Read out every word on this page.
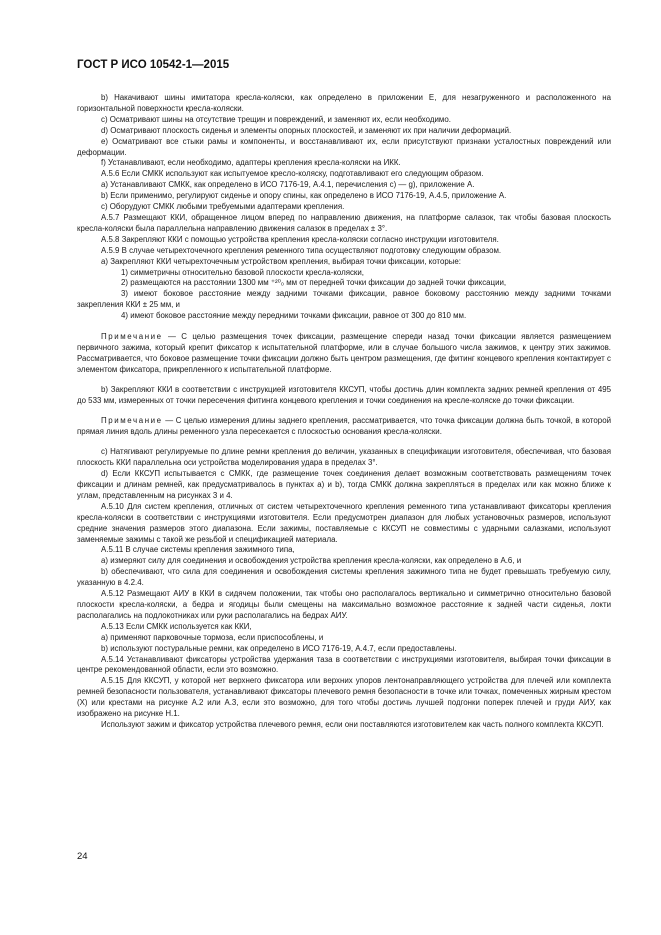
ГОСТ Р ИСО 10542-1—2015

b) Накачивают шины имитатора кресла-коляски, как определено в приложении Е, для незагруженного и расположенного на горизонтальной поверхности кресла-коляски.

c) Осматривают шины на отсутствие трещин и повреждений, и заменяют их, если необходимо.

d) Осматривают плоскость сиденья и элементы опорных плоскостей, и заменяют их при наличии деформаций.

e) Осматривают все стыки рамы и компоненты, и восстанавливают их, если присутствуют признаки усталостных повреждений или деформации.

f) Устанавливают, если необходимо, адаптеры крепления кресла-коляски на ИКК.

А.5.6 Если СМКК используют как испытуемое кресло-коляску, подготавливают его следующим образом.

а) Устанавливают СМКК, как определено в ИСО 7176-19, А.4.1, перечисления с) — g), приложение А.

b) Если применимо, регулируют сиденье и опору спины, как определено в ИСО 7176-19, А.4.5, приложение А.

c) Оборудуют СМКК любыми требуемыми адаптерами крепления.

А.5.7 Размещают ККИ, обращенное лицом вперед по направлению движения, на платформе салазок, так чтобы базовая плоскость кресла-коляски была параллельна направлению движения салазок в пределах ± 3°.

А.5.8 Закрепляют ККИ с помощью устройства крепления кресла-коляски согласно инструкции изготовителя.

А.5.9 В случае четырехточечного крепления ременного типа осуществляют подготовку следующим образом.

а) Закрепляют ККИ четырехточечным устройством крепления, выбирая точки фиксации, которые:

1) симметричны относительно базовой плоскости кресла-коляски,

2) размещаются на расстоянии 1300 мм ⁺²⁰₀ мм от передней точки фиксации до задней точки фиксации,

3) имеют боковое расстояние между задними точками фиксации, равное боковому расстоянию между задними точками закрепления ККИ ± 25 мм, и

4) имеют боковое расстояние между передними точками фиксации, равное от 300 до 810 мм.

Примечание — С целью размещения точек фиксации, размещение спереди назад точки фиксации является размещением первичного зажима, который крепит фиксатор к испытательной платформе, или в случае большого числа зажимов, к центру этих зажимов. Рассматривается, что боковое размещение точки фиксации должно быть центром размещения, где фитинг концевого крепления контактирует с элементом фиксатора, прикрепленного к испытательной платформе.

b) Закрепляют ККИ в соответствии с инструкцией изготовителя ККСУП, чтобы достичь длин комплекта задних ремней крепления от 495 до 533 мм, измеренных от точки пересечения фитинга концевого крепления и точки соединения на кресле-коляске до точки фиксации.

Примечание — С целью измерения длины заднего крепления, рассматривается, что точка фиксации должна быть точкой, в которой прямая линия вдоль длины ременного узла пересекается с плоскостью основания кресла-коляски.

c) Натягивают регулируемые по длине ремни крепления до величин, указанных в спецификации изготовителя, обеспечивая, что базовая плоскость ККИ параллельна оси устройства моделирования удара в пределах 3°.

d) Если ККСУП испытывается с СМКК, где размещение точек соединения делает возможным соответствовать размещениям точек фиксации и длинам ремней, как предусматривалось в пунктах а) и b), тогда СМКК должна закрепляться в пределах или как можно ближе к углам, представленным на рисунках 3 и 4.

А.5.10 Для систем крепления, отличных от систем четырехточечного крепления ременного типа устанавливают фиксаторы крепления кресла-коляски в соответствии с инструкциями изготовителя. Если предусмотрен диапазон для любых установочных размеров, используют средние значения размеров этого диапазона. Если зажимы, поставляемые с ККСУП не совместимы с ударными салазками, используют заменяемые зажимы с такой же резьбой и спецификацией материала.

А.5.11 В случае системы крепления зажимного типа,

а) измеряют силу для соединения и освобождения устройства крепления кресла-коляски, как определено в А.6, и

b) обеспечивают, что сила для соединения и освобождения системы крепления зажимного типа не будет превышать требуемую силу, указанную в 4.2.4.

А.5.12 Размещают АИУ в ККИ в сидячем положении, так чтобы оно располагалось вертикально и симметрично относительно базовой плоскости кресла-коляски, а бедра и ягодицы были смещены на максимально возможное расстояние к задней части сиденья, локти располагались на подлокотниках или руки располагались на бедрах АИУ.

А.5.13 Если СМКК используется как ККИ,

а) применяют парковочные тормоза, если приспособлены, и

b) используют постуральные ремни, как определено в ИСО 7176-19, А.4.7, если предоставлены.

А.5.14 Устанавливают фиксаторы устройства удержания таза в соответствии с инструкциями изготовителя, выбирая точки фиксации в центре рекомендованной области, если это возможно.

А.5.15 Для ККСУП, у которой нет верхнего фиксатора или верхних упоров лентонаправляющего устройства для плечей или комплекта ремней безопасности пользователя, устанавливают фиксаторы плечевого ремня безопасности в точке или точках, помеченных жирным крестом (Х) или крестами на рисунке А.2 или А.3, если это возможно, для того чтобы достичь лучшей подгонки поперек плечей и груди АИУ, как изображено на рисунке Н.1.

Используют зажим и фиксатор устройства плечевого ремня, если они поставляются изготовителем как часть полного комплекта ККСУП.

24
